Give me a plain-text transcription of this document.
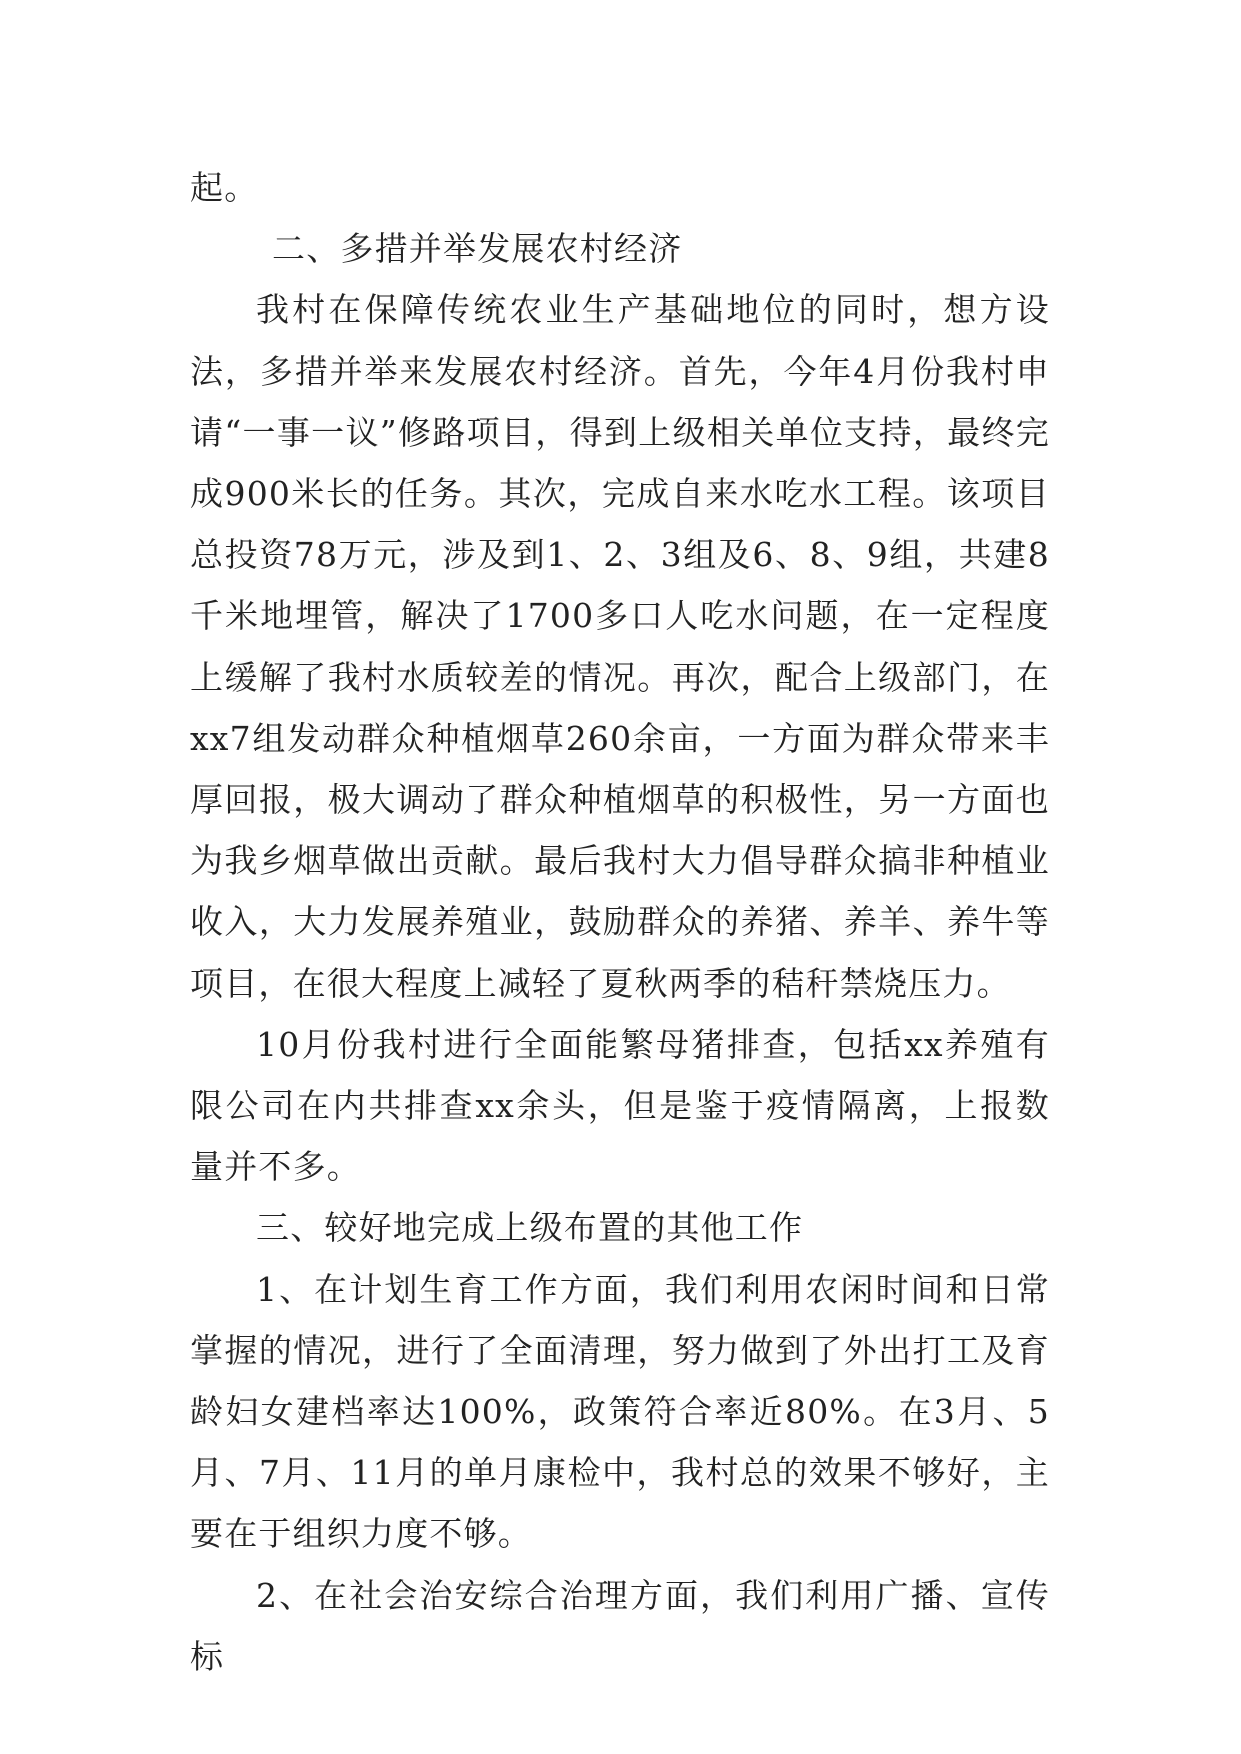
起。

二、多措并举发展农村经济

我村在保障传统农业生产基础地位的同时，想方设法，多措并举来发展农村经济。首先，今年4月份我村申请“一事一议”修路项目，得到上级相关单位支持，最终完成900米长的任务。其次，完成自来水吃水工程。该项目总投资78万元，涉及到1、2、3组及6、8、9组，共建8千米地埋管，解决了1700多口人吃水问题，在一定程度上缓解了我村水质较差的情况。再次，配合上级部门，在xx7组发动群众种植烟草260余亩，一方面为群众带来丰厚回报，极大调动了群众种植烟草的积极性，另一方面也为我乡烟草做出贡献。最后我村大力倡导群众搞非种植业收入，大力发展养殖业，鼓励群众的养猪、养羊、养牛等项目，在很大程度上减轻了夏秋两季的秸秆禁烧压力。

10月份我村进行全面能繁母猪排查，包括xx养殖有限公司在内共排查xx余头，但是鉴于疫情隔离，上报数量并不多。

三、较好地完成上级布置的其他工作

1、在计划生育工作方面，我们利用农闲时间和日常掌握的情况，进行了全面清理，努力做到了外出打工及育龄妇女建档率达100%，政策符合率近80%。在3月、5月、7月、11月的单月康检中，我村总的效果不够好，主要在于组织力度不够。

2、在社会治安综合治理方面，我们利用广播、宣传标
